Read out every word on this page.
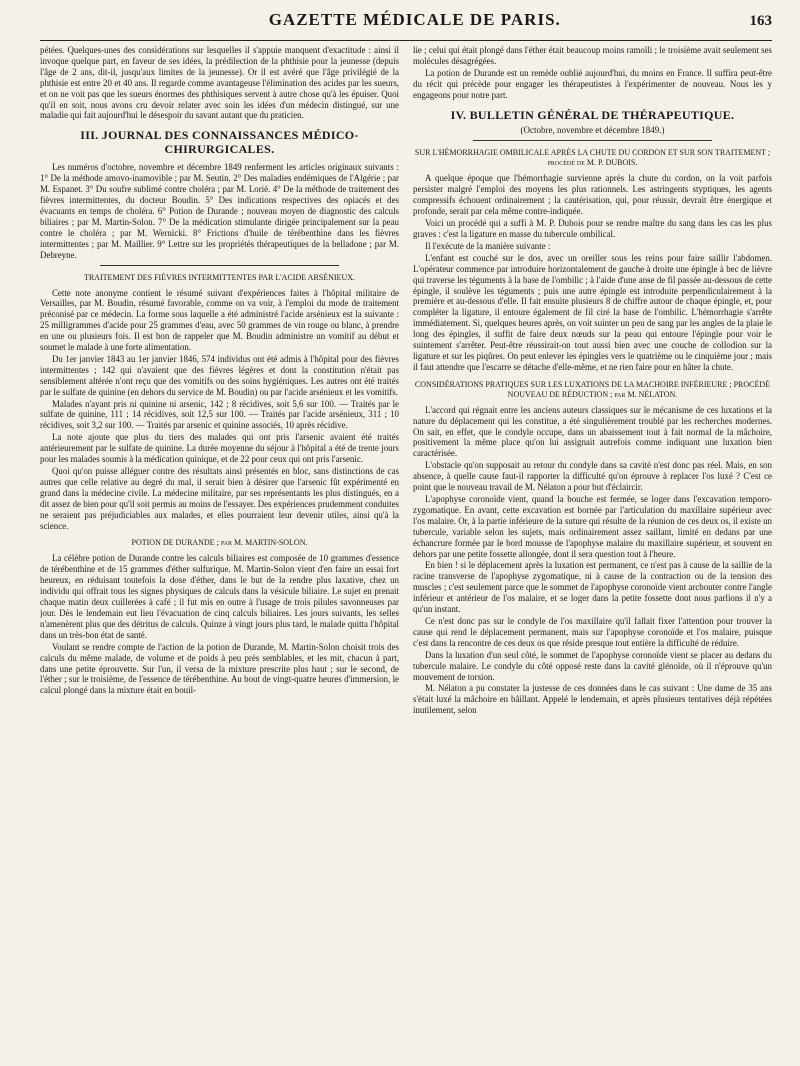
GAZETTE MÉDICALE DE PARIS.	163

pétées. Quelques-unes des considérations sur lesquelles il s'appuie manquent d'exactitude : ainsi il invoque quelque part, en faveur de ses idées, la prédilection de la phthisie pour la jeunesse (depuis l'âge de 2 ans, dit-il, jusqu'aux limites de la jeunesse). Or il est avéré que l'âge privilégié de la phthisie est entre 20 et 40 ans. Il regarde comme avantageuse l'élimination des acides par les sueurs, et on ne voit pas que les sueurs énormes des phthisiques servent à autre chose qu'à les épuiser. Quoi qu'il en soit, nous avons cru devoir relater avec soin les idées d'un médecin distingué, sur une maladie qui fait aujourd'hui le désespoir du savant autant que du praticien.

III. JOURNAL DES CONNAISSANCES MÉDICO-CHIRURGICALES.

Les numéros d'octobre, novembre et décembre 1849 renferment les articles originaux suivants : 1° De la méthode amovo-inamovible ; par M. Seutin. 2° Des maladies endémiques de l'Algérie ; par M. Espanet. 3° Du soufre sublimé contre choléra ; par M. Lorié. 4° De la méthode de traitement des fièvres intermittentes, du docteur Boudin. 5° Des indications respectives des opiacés et des évacuants en temps de choléra. 6° Potion de Durande ; nouveau moyen de diagnostic des calculs biliaires ; par M. Martin-Solon. 7° De la médication stimulante dirigée principalement sur la peau contre le choléra ; par M. Wernicki. 8° Frictions d'huile de térébenthine dans les fièvres intermittentes ; par M. Maillier. 9° Lettre sur les propriétés thérapeutiques de la belladone ; par M. Debreyne.

TRAITEMENT DES FIÈVRES INTERMITTENTES PAR L'ACIDE ARSÉNIEUX.

Cette note anonyme contient le résumé suivant d'expériences faites à l'hôpital militaire de Versailles, par M. Boudin, résumé favorable, comme on va voir, à l'emploi du mode de traitement préconisé par ce médecin. La forme sous laquelle a été administré l'acide arsénieux est la suivante : 25 milligrammes d'acide pour 25 grammes d'eau, avec 50 grammes de vin rouge ou blanc, à prendre en une ou plusieurs fois. Il est bon de rappeler que M. Boudin administre un vomitif au début et soumet le malade à une forte alimentation.

Du 1er janvier 1843 au 1er janvier 1846, 574 individus ont été admis à l'hôpital pour des fièvres intermittentes ; 142 qui n'avaient que des fièvres légères et dont la constitution n'était pas sensiblement altérée n'ont reçu que des vomitifs ou des soins hygiéniques. Les autres ont été traités par le sulfate de quinine (en dehors du service de M. Boudin) ou par l'acide arsénieux et les vomitifs.

Malades n'ayant pris ni quinine ni arsenic, 142 ; 8 récidives, soit 5,6 sur 100. — Traités par le sulfate de quinine, 111 ; 14 récidives, soit 12,5 sur 100. — Traités par l'acide arsénieux, 311 ; 10 récidives, soit 3,2 sur 100. — Traités par arsenic et quinine associés, 10 après récidive.

La note ajoute que plus du tiers des malades qui ont pris l'arsenic avaient été traités antérieurement par le sulfate de quinine. La durée moyenne du séjour à l'hôpital a été de trente jours pour les malades soumis à la médication quinique, et de 22 pour ceux qui ont pris l'arsenic.

Quoi qu'on puisse alléguer contre des résultats ainsi présentés en bloc, sans distinctions de cas autres que celle relative au degré du mal, il serait bien à désirer que l'arsenic fût expérimenté en grand dans la médecine civile. La médecine militaire, par ses représentants les plus distingués, en a dit assez de bien pour qu'il soit permis au moins de l'essayer. Des expériences prudemment conduites ne seraient pas préjudiciables aux malades, et elles pourraient leur devenir utiles, ainsi qu'à la science.

POTION DE DURANDE ; par M. MARTIN-SOLON.

La célèbre potion de Durande contre les calculs biliaires est composée de 10 grammes d'essence de térébenthine et de 15 grammes d'éther sulfurique. M. Martin-Solon vient d'en faire un essai fort heureux, en réduisant toutefois la dose d'éther, dans le but de la rendre plus laxative, chez un individu qui offrait tous les signes physiques de calculs dans la vésicule biliaire. Le sujet en prenait chaque matin deux cuillerées à café ; il fut mis en outre à l'usage de trois pilules savonneuses par jour. Dès le lendemain eut lieu l'évacuation de cinq calculs biliaires. Les jours suivants, les selles n'amenèrent plus que des détritus de calculs. Quinze à vingt jours plus tard, le malade quitta l'hôpital dans un très-bon état de santé.

Voulant se rendre compte de l'action de la potion de Durande, M. Martin-Solon choisit trois des calculs du même malade, de volume et de poids à peu près semblables, et les mit, chacun à part, dans une petite éprouvette. Sur l'un, il versa de la mixture prescrite plus haut ; sur le second, de l'éther ; sur le troisième, de l'essence de térébenthine. Au bout de vingt-quatre heures d'immersion, le calcul plongé dans la mixture était en bouil-

lie ; celui qui était plongé dans l'éther était beaucoup moins ramolli ; le troisième avait seulement ses molécules désagrégées.

La potion de Durande est un remède oublié aujourd'hui, du moins en France. Il suffira peut-être du récit qui précède pour engager les thérapeutistes à l'expérimenter de nouveau. Nous les y engageons pour notre part.

IV. BULLETIN GÉNÉRAL DE THÉRAPEUTIQUE.
(Octobre, novembre et décembre 1849.)
SUR L'HÉMORRHAGIE OMBILICALE APRÈS LA CHUTE DU CORDON ET SUR SON TRAITEMENT ; procédé de M. P. DUBOIS.

A quelque époque que l'hémorrhagie survienne après la chute du cordon, on la voit parfois persister malgré l'emploi des moyens les plus rationnels. Les astringents styptiques, les agents compressifs échouent ordinairement ; la cautérisation, qui, pour réussir, devrait être énergique et profonde, serait par cela même contre-indiquée.

Voici un procédé qui a suffi à M. P. Dubois pour se rendre maître du sang dans les cas les plus graves : c'est la ligature en masse du tubercule ombilical.

Il l'exécute de la manière suivante :

L'enfant est couché sur le dos, avec un oreiller sous les reins pour faire saillir l'abdomen. L'opérateur commence par introduire horizontalement de gauche à droite une épingle à bec de lièvre qui traverse les téguments à la base de l'ombilic ; à l'aide d'une anse de fil passée au-dessous de cette épingle, il soulève les téguments ; puis une autre épingle est introduite perpendiculairement à la première et au-dessous d'elle. Il fait ensuite plusieurs 8 de chiffre autour de chaque épingle, et, pour compléter la ligature, il entoure également de fil ciré la base de l'ombilic. L'hémorrhagie s'arrête immédiatement. Si, quelques heures après, on voit suinter un peu de sang par les angles de la plaie le long des épingles, il suffit de faire deux nœuds sur la peau qui entoure l'épingle pour voir le suintement s'arrêter. Peut-être réussirait-on tout aussi bien avec une couche de collodion sur la ligature et sur les piqûres. On peut enlever les épingles vers le quatrième ou le cinquième jour ; mais il faut attendre que l'escarre se détache d'elle-même, et ne rien faire pour en hâter la chute.

CONSIDÉRATIONS PRATIQUES SUR LES LUXATIONS DE LA MACHOIRE INFÉRIEURE ; PROCÉDÉ NOUVEAU DE RÉDUCTION ; par M. NÉLATON.

L'accord qui régnait entre les anciens auteurs classiques sur le mécanisme de ces luxations et la nature du déplacement qui les constitue, a été singulièrement troublé par les recherches modernes. On sait, en effet, que le condyle occupe, dans un abaissement tout à fait normal de la mâchoire, positivement la même place qu'on lui assignait autrefois comme indiquant une luxation bien caractérisée.

L'obstacle qu'on supposait au retour du condyle dans sa cavité n'est donc pas réel. Mais, en son absence, à quelle cause faut-il rapporter la difficulté qu'on éprouve à replacer l'os luxé ? C'est ce point que le nouveau travail de M. Nélaton a pour but d'éclaircir.

L'apophyse coronoïde vient, quand la bouche est fermée, se loger dans l'excavation temporo-zygomatique. En avant, cette excavation est bornée par l'articulation du maxillaire supérieur avec l'os malaire. Or, à la partie inférieure de la suture qui résulte de la réunion de ces deux os, il existe un tubercule, variable selon les sujets, mais ordinairement assez saillant, limité en dedans par une échancrure formée par le bord mousse de l'apophyse malaire du maxillaire supérieur, et souvent en dehors par une petite fossette allongée, dont il sera question tout à l'heure.

En bien ! si le déplacement après la luxation est permanent, ce n'est pas à cause de la saillie de la racine transverse de l'apophyse zygomatique, ni à cause de la contraction ou de la tension des muscles ; c'est seulement parce que le sommet de l'apophyse coronoïde vient arcbouter contre l'angle inférieur et antérieur de l'os malaire, et se loger dans la petite fossette dont nous parlions il n'y a qu'un instant.

Ce n'est donc pas sur le condyle de l'os maxillaire qu'il fallait fixer l'attention pour trouver la cause qui rend le déplacement permanent, mais sur l'apophyse coronoïde et l'os malaire, puisque c'est dans la rencontre de ces deux os que réside presque tout entière la difficulté de réduire.

Dans la luxation d'un seul côté, le sommet de l'apophyse coronoïde vient se placer au dedans du tubercule malaire. Le condyle du côté opposé reste dans la cavité glénoïde, où il n'éprouve qu'un mouvement de torsion.

M. Nélaton a pu constater la justesse de ces données dans le cas suivant : Une dame de 35 ans s'était luxé la mâchoire en bâillant. Appelé le lendemain, et après plusieurs tentatives déjà répétées inutilement, selon
